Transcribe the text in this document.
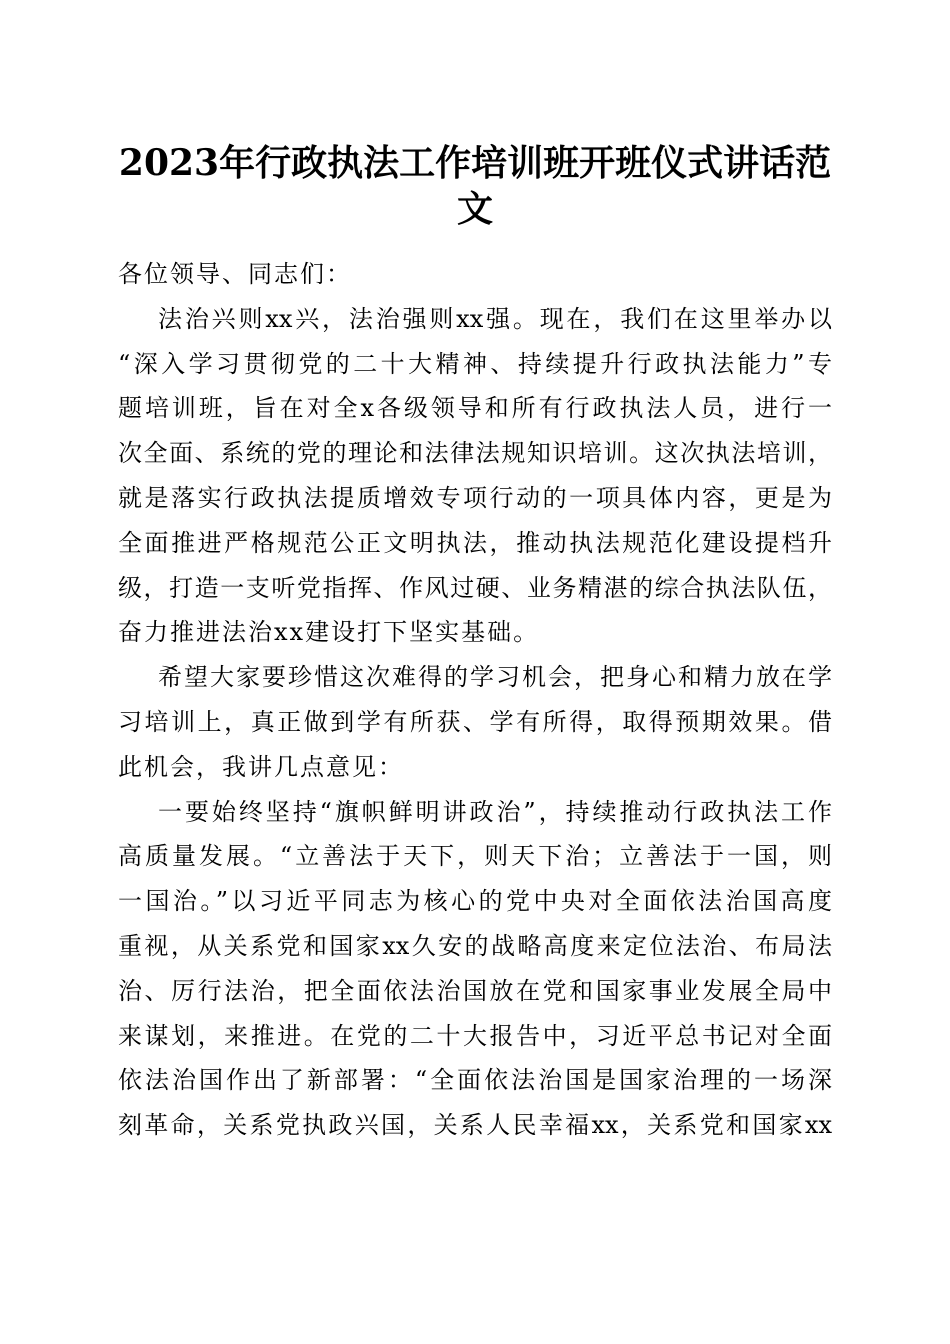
2023年行政执法工作培训班开班仪式讲话范
文

各位领导、同志们：

法治兴则xx兴，法治强则xx强。现在，我们在这里举办以
“深入学习贯彻党的二十大精神、持续提升行政执法能力”专
题培训班，旨在对全x各级领导和所有行政执法人员，进行一
次全面、系统的党的理论和法律法规知识培训。这次执法培训，
就是落实行政执法提质增效专项行动的一项具体内容，更是为
全面推进严格规范公正文明执法，推动执法规范化建设提档升
级，打造一支听党指挥、作风过硬、业务精湛的综合执法队伍，
奋力推进法治xx建设打下坚实基础。

希望大家要珍惜这次难得的学习机会，把身心和精力放在学
习培训上，真正做到学有所获、学有所得，取得预期效果。借
此机会，我讲几点意见：

一要始终坚持“旗帜鲜明讲政治”，持续推动行政执法工作
高质量发展。“立善法于天下，则天下治；立善法于一国，则
一国治。”以习近平同志为核心的党中央对全面依法治国高度
重视，从关系党和国家xx久安的战略高度来定位法治、布局法
治、厉行法治，把全面依法治国放在党和国家事业发展全局中
来谋划，来推进。在党的二十大报告中，习近平总书记对全面
依法治国作出了新部署：“全面依法治国是国家治理的一场深
刻革命，关系党执政兴国，关系人民幸福xx，关系党和国家xx
